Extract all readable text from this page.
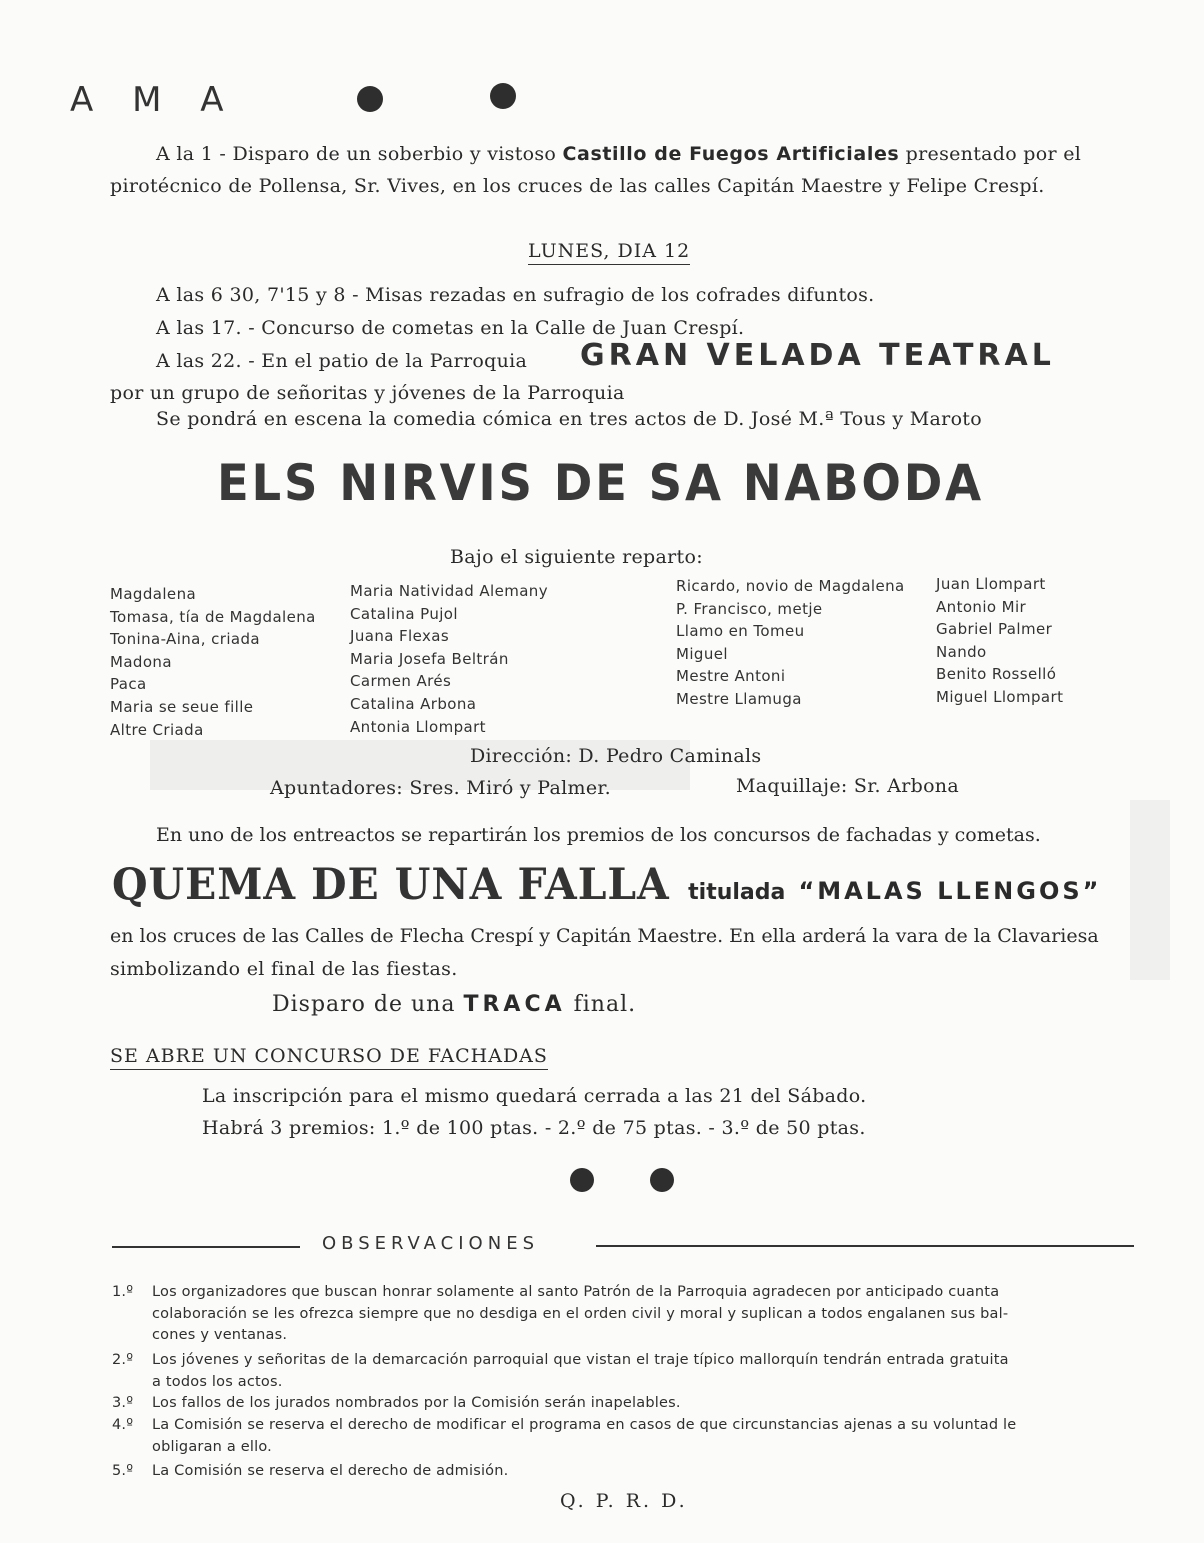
A M A
A la 1 - Disparo de un soberbio y vistoso Castillo de Fuegos Artificiales presentado por el
pirotécnico de Pollensa, Sr. Vives, en los cruces de las calles Capitán Maestre y Felipe Crespí.
LUNES, DIA 12
A las 6 30, 7'15 y 8 - Misas rezadas en sufragio de los cofrades difuntos.
A las 17. - Concurso de cometas en la Calle de Juan Crespí.
A las 22. - En el patio de la Parroquia GRAN VELADA TEATRAL
por un grupo de señoritas y jóvenes de la Parroquia
Se pondrá en escena la comedia cómica en tres actos de D. José M.ª Tous y Maroto
ELS NIRVIS DE SA NABODA
Bajo el siguiente reparto:
Magdalena
Tomasa, tía de Magdalena
Tonina-Aina, criada
Madona
Paca
Maria se seue fille
Altre Criada
Maria Natividad Alemany
Catalina Pujol
Juana Flexas
Maria Josefa Beltrán
Carmen Arés
Catalina Arbona
Antonia Llompart
Ricardo, novio de Magdalena
P. Francisco, metje
Llamo en Tomeu
Miguel
Mestre Antoni
Mestre Llamuga
Juan Llompart
Antonio Mir
Gabriel Palmer
Nando
Benito Rosselló
Miguel Llompart
Dirección: D. Pedro Caminals
Apuntadores: Sres. Miró y Palmer.	Maquillaje: Sr. Arbona
En uno de los entreactos se repartirán los premios de los concursos de fachadas y cometas.
QUEMA DE UNA FALLA titulada “MALAS LLENGOS”
en los cruces de las Calles de Flecha Crespí y Capitán Maestre. En ella arderá la vara de la Clavariesa
simbolizando el final de las fiestas.
Disparo de una TRACA final.
SE ABRE UN CONCURSO DE FACHADAS
La inscripción para el mismo quedará cerrada a las 21 del Sábado.
Habrá 3 premios: 1.º de 100 ptas. - 2.º de 75 ptas. - 3.º de 50 ptas.
OBSERVACIONES
1.º Los organizadores que buscan honrar solamente al santo Patrón de la Parroquia agradecen por anticipado cuanta
colaboración se les ofrezca siempre que no desdiga en el orden civil y moral y suplican a todos engalanen sus bal-
cones y ventanas.
2.º Los jóvenes y señoritas de la demarcación parroquial que vistan el traje típico mallorquín tendrán entrada gratuita
a todos los actos.
3.º Los fallos de los jurados nombrados por la Comisión serán inapelables.
4.º La Comisión se reserva el derecho de modificar el programa en casos de que circunstancias ajenas a su voluntad le
obligaran a ello.
5.º La Comisión se reserva el derecho de admisión.
Q. P. R. D.
